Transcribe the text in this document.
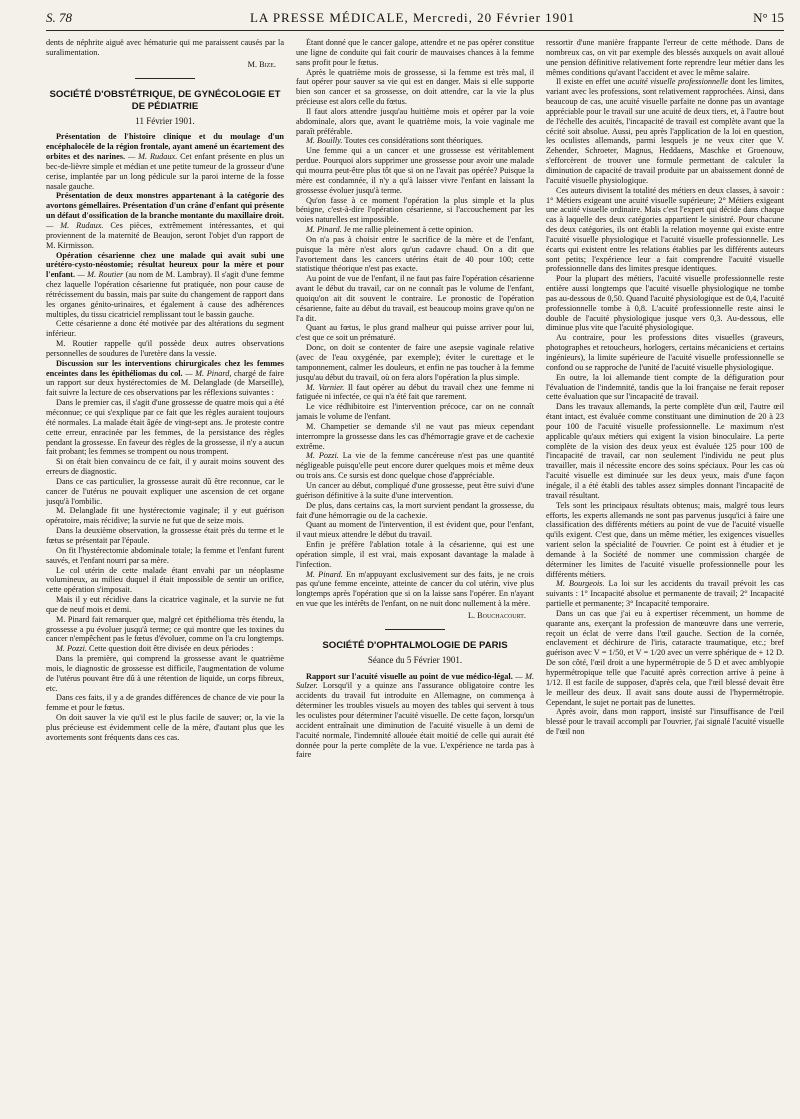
S. 78	LA PRESSE MÉDICALE, Mercredi, 20 Février 1901	N° 15

dents de néphrite aiguë avec hématurie qui me paraissent causés par la suralimentation.

M. Bize.
SOCIÉTÉ D'OBSTÉTRIQUE, DE GYNÉCOLOGIE ET DE PÉDIATRIE
11 Février 1901.

Présentation de l'histoire clinique et du moulage d'un encéphalocèle de la région frontale, ayant amené un écartement des orbites et des narines. — M. Rudaux. Cet enfant présente en plus un bec-de-lièvre simple et médian et une petite tumeur de la grosseur d'une cerise, implantée par un long pédicule sur la paroi interne de la fosse nasale gauche.

Présentation de deux monstres appartenant à la catégorie des avortons gémellaires. Présentation d'un crâne d'enfant qui présente un défaut d'ossification de la branche montante du maxillaire droit. — M. Rudaux. Ces pièces, extrêmement intéressantes, et qui proviennent de la maternité de Beaujon, seront l'objet d'un rapport de M. Kirmisson.

Opération césarienne chez une malade qui avait subi une urétéro-cysto-néostomie; résultat heureux pour la mère et pour l'enfant. — M. Routier (au nom de M. Lambray). Il s'agit d'une femme chez laquelle l'opération césarienne fut pratiquée, non pour cause de rétrécissement du bassin, mais par suite du changement de rapport dans les organes génito-urinaires, et également à cause des adhérences multiples, du tissu cicatriciel remplissant tout le bassin gauche.

Cette césarienne a donc été motivée par des altérations du segment inférieur.

M. Routier rappelle qu'il possède deux autres observations personnelles de soudures de l'uretère dans la vessie.

Discussion sur les interventions chirurgicales chez les femmes enceintes dans les épithéliomas du col. — M. Pinard, chargé de faire un rapport sur deux hystérectomies de M. Delanglade (de Marseille), fait suivre la lecture de ces observations par les réflexions suivantes :

Dans le premier cas, il s'agit d'une grossesse de quatre mois qui a été méconnue; ce qui s'explique par ce fait que les règles auraient toujours été normales. La malade était âgée de vingt-sept ans. Je proteste contre cette erreur, enracinée par les femmes, de la persistance des règles pendant la grossesse. En faveur des règles de la grossesse, il n'y a aucun fait probant; les femmes se trompent ou nous trompent.

Si on était bien convaincu de ce fait, il y aurait moins souvent des erreurs de diagnostic.

Dans ce cas particulier, la grossesse aurait dû être reconnue, car le cancer de l'utérus ne pouvait expliquer une ascension de cet organe jusqu'à l'ombilic.

M. Delanglade fit une hystérectomie vaginale; il y eut guérison opératoire, mais récidive; la survie ne fut que de seize mois.

Dans la deuxième observation, la grossesse était près du terme et le fœtus se présentait par l'épaule.

On fit l'hystérectomie abdominale totale; la femme et l'enfant furent sauvés, et l'enfant nourri par sa mère.

Le col utérin de cette malade étant envahi par un néoplasme volumineux, au milieu duquel il était impossible de sentir un orifice, cette opération s'imposait.

Mais il y eut récidive dans la cicatrice vaginale, et la survie ne fut que de neuf mois et demi.

M. Pinard fait remarquer que, malgré cet épithélioma très étendu, la grossesse a pu évoluer jusqu'à terme; ce qui montre que les toxines du cancer n'empêchent pas le fœtus d'évoluer, comme on l'a cru longtemps.

M. Pozzi. Cette question doit être divisée en deux périodes :

Dans la première, qui comprend la grossesse avant le quatrième mois, le diagnostic de grossesse est difficile, l'augmentation de volume de l'utérus pouvant être dû à une rétention de liquide, un corps fibreux, etc.

Dans ces faits, il y a de grandes différences de chance de vie pour la femme et pour le fœtus.

On doit sauver la vie qu'il est le plus facile de sauver; or, la vie la plus précieuse est évidemment celle de la mère, d'autant plus que les avortements sont fréquents dans ces cas.

Étant donné que le cancer galope, attendre et ne pas opérer constitue une ligne de conduite qui fait courir de mauvaises chances à la femme sans profit pour le fœtus.

Après le quatrième mois de grossesse, si la femme est très mal, il faut opérer pour sauver sa vie qui est en danger. Mais si elle supporte bien son cancer et sa grossesse, on doit attendre, car la vie la plus précieuse est alors celle du fœtus.

Il faut alors attendre jusqu'au huitième mois et opérer par la voie abdominale, alors que, avant le quatrième mois, la voie vaginale me paraît préférable.

M. Bouilly. Toutes ces considérations sont théoriques.

Une femme qui a un cancer et une grossesse est véritablement perdue. Pourquoi alors supprimer une grossesse pour avoir une malade qui mourra peut-être plus tôt que si on ne l'avait pas opérée? Puisque la mère est condamnée, il n'y a qu'à laisser vivre l'enfant en laissant la grossesse évoluer jusqu'à terme.

Qu'on fasse à ce moment l'opération la plus simple et la plus bénigne, c'est-à-dire l'opération césarienne, si l'accouchement par les voies naturelles est impossible.

M. Pinard. Je me rallie pleinement à cette opinion.

On n'a pas à choisir entre le sacrifice de la mère et de l'enfant, puisque la mère n'est alors qu'un cadavre chaud. On a dit que l'avortement dans les cancers utérins était de 40 pour 100; cette statistique théorique n'est pas exacte.

Au point de vue de l'enfant, il ne faut pas faire l'opération césarienne avant le début du travail, car on ne connaît pas le volume de l'enfant, quoiqu'on ait dit souvent le contraire. Le pronostic de l'opération césarienne, faite au début du travail, est beaucoup moins grave qu'on ne l'a dit.

Quant au fœtus, le plus grand malheur qui puisse arriver pour lui, c'est que ce soit un prématuré.

Donc, on doit se contenter de faire une asepsie vaginale relative (avec de l'eau oxygénée, par exemple); éviter le curettage et le tamponnement, calmer les douleurs, et enfin ne pas toucher à la femme jusqu'au début du travail, où on fera alors l'opération la plus simple.

M. Varnier. Il faut opérer au début du travail chez une femme ni fatiguée ni infectée, ce qui n'a été fait que rarement.

Le vice rédhibitoire est l'intervention précoce, car on ne connaît jamais le volume de l'enfant.

M. Champetier se demande s'il ne vaut pas mieux cependant interrompre la grossesse dans les cas d'hémorragie grave et de cachexie extrême.

M. Pozzi. La vie de la femme cancéreuse n'est pas une quantité négligeable puisqu'elle peut encore durer quelques mois et même deux ou trois ans. Ce sursis est donc quelque chose d'appréciable.

Un cancer au début, compliqué d'une grossesse, peut être suivi d'une guérison définitive à la suite d'une intervention.

De plus, dans certains cas, la mort survient pendant la grossesse, du fait d'une hémorragie ou de la cachexie.

Quant au moment de l'intervention, il est évident que, pour l'enfant, il vaut mieux attendre le début du travail.

Enfin je préfère l'ablation totale à la césarienne, qui est une opération simple, il est vrai, mais exposant davantage la malade à l'infection.

M. Pinard. En m'appuyant exclusivement sur des faits, je ne crois pas qu'une femme enceinte, atteinte de cancer du col utérin, vive plus longtemps après l'opération que si on la laisse sans l'opérer. En n'ayant en vue que les intérêts de l'enfant, on ne nuit donc nullement à la mère.

L. Bouchacourt.
SOCIÉTÉ D'OPHTALMOLOGIE DE PARIS
Séance du 5 Février 1901.

Rapport sur l'acuité visuelle au point de vue médico-légal. — M. Sulzer. Lorsqu'il y a quinze ans l'assurance obligatoire contre les accidents du travail fut introduite en Allemagne, on commença à déterminer les troubles visuels au moyen des tables qui servent à tous les oculistes pour déterminer l'acuité visuelle. De cette façon, lorsqu'un accident entraînait une diminution de l'acuité visuelle à un demi de l'acuité normale, l'indemnité allouée était moitié de celle qui aurait été donnée pour la perte complète de la vue. L'expérience ne tarda pas à faire

ressortir d'une manière frappante l'erreur de cette méthode. Dans de nombreux cas, on vit par exemple des blessés auxquels on avait alloué une pension définitive relativement forte reprendre leur métier dans les mêmes conditions qu'avant l'accident et avec le même salaire.

Il existe en effet une acuité visuelle professionnelle dont les limites, variant avec les professions, sont relativement rapprochées. Ainsi, dans beaucoup de cas, une acuité visuelle parfaite ne donne pas un avantage appréciable pour le travail sur une acuité de deux tiers, et, à l'autre bout de l'échelle des acuités, l'incapacité de travail est complète avant que la cécité soit absolue. Aussi, peu après l'application de la loi en question, les oculistes allemands, parmi lesquels je ne veux citer que V. Zehender, Schroeter, Magnus, Heddaens, Maschke et Groenouw, s'efforcèrent de trouver une formule permettant de calculer la diminution de capacité de travail produite par un abaissement donné de l'acuité visuelle physiologique.

Ces auteurs divisent la totalité des métiers en deux classes, à savoir : 1° Métiers exigeant une acuité visuelle supérieure; 2° Métiers exigeant une acuité visuelle ordinaire. Mais c'est l'expert qui décide dans chaque cas à laquelle des deux catégories appartient le sinistré. Pour chacune des deux catégories, ils ont établi la relation moyenne qui existe entre l'acuité visuelle physiologique et l'acuité visuelle professionnelle. Les écarts qui existent entre les relations établies par les différents auteurs sont petits; l'expérience leur a fait comprendre l'acuité visuelle professionnelle dans des limites presque identiques.

Pour la plupart des métiers, l'acuité visuelle professionnelle reste entière aussi longtemps que l'acuité visuelle physiologique ne tombe pas au-dessous de 0,50. Quand l'acuité physiologique est de 0,4, l'acuité professionnelle tombe à 0,8. L'acuité professionnelle reste ainsi le double de l'acuité physiologique jusque vers 0,3. Au-dessous, elle diminue plus vite que l'acuité physiologique.

Au contraire, pour les professions dites visuelles (graveurs, photographes et retoucheurs, horlogers, certains mécaniciens et certains ingénieurs), la limite supérieure de l'acuité visuelle professionnelle se confond ou se rapproche de l'unité de l'acuité visuelle physiologique.

En outre, la loi allemande tient compte de la défiguration pour l'évaluation de l'indemnité, tandis que la loi française ne ferait reposer cette évaluation que sur l'incapacité de travail.

Dans les travaux allemands, la perte complète d'un œil, l'autre œil étant intact, est évaluée comme constituant une diminution de 20 à 23 pour 100 de l'acuité visuelle professionnelle. Le maximum n'est applicable qu'aux métiers qui exigent la vision binoculaire. La perte complète de la vision des deux yeux est évaluée 125 pour 100 de l'incapacité de travail, car non seulement l'individu ne peut plus travailler, mais il nécessite encore des soins spéciaux. Pour les cas où l'acuité visuelle est diminuée sur les deux yeux, mais d'une façon inégale, il a été établi des tables assez simples donnant l'incapacité de travail résultant.

Tels sont les principaux résultats obtenus; mais, malgré tous leurs efforts, les experts allemands ne sont pas parvenus jusqu'ici à faire une classification des différents métiers au point de vue de l'acuité visuelle qu'ils exigent. C'est que, dans un même métier, les exigences visuelles varient selon la spécialité de l'ouvrier. Ce point est à étudier et je demande à la Société de nommer une commission chargée de déterminer les limites de l'acuité visuelle professionnelle pour les différents métiers.

M. Bourgeois. La loi sur les accidents du travail prévoit les cas suivants : 1° Incapacité absolue et permanente de travail; 2° Incapacité partielle et permanente; 3° Incapacité temporaire.

Dans un cas que j'ai eu à expertiser récemment, un homme de quarante ans, exerçant la profession de manœuvre dans une verrerie, reçoit un éclat de verre dans l'œil gauche. Section de la cornée, enclavement et déchirure de l'iris, cataracte traumatique, etc.; bref guérison avec V = 1/50, et V = 1/20 avec un verre sphérique de + 12 D. De son côté, l'œil droit a une hypermétropie de 5 D et avec amblyopie hypermétropique telle que l'acuité après correction arrive à peine à 1/12. Il est facile de supposer, d'après cela, que l'œil blessé devait être le meilleur des deux. Il avait sans doute aussi de l'hypermétropie. Cependant, le sujet ne portait pas de lunettes.

Après avoir, dans mon rapport, insisté sur l'insuffisance de l'œil blessé pour le travail accompli par l'ouvrier, j'ai signalé l'acuité visuelle de l'œil non
